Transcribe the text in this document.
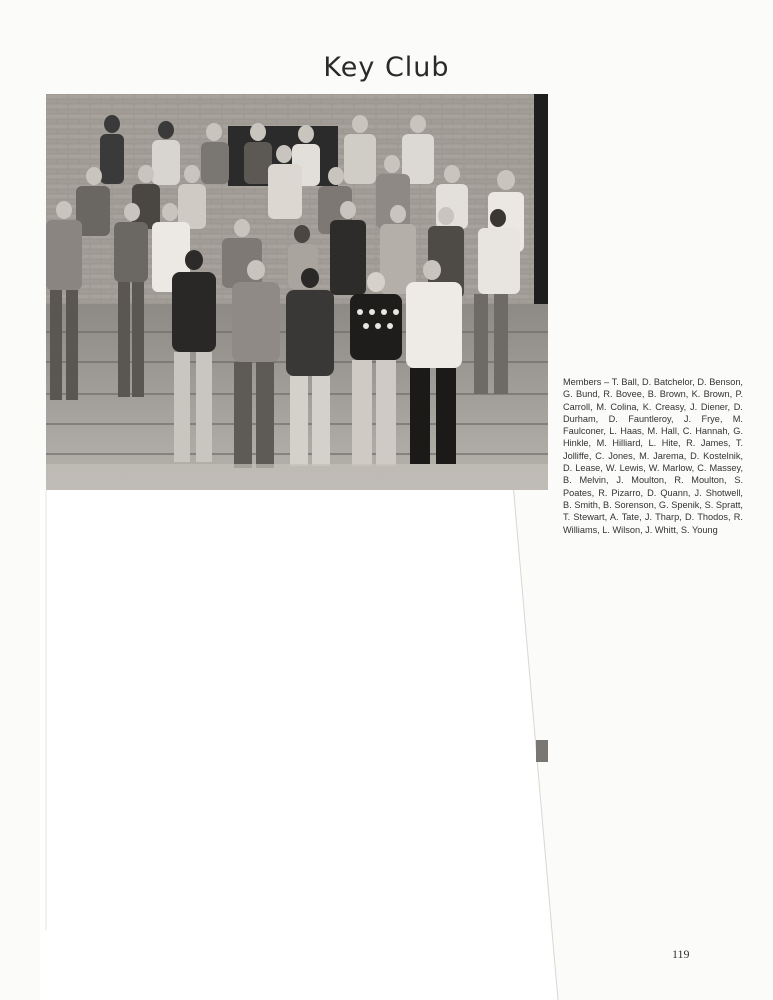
Key Club

Members – T. Ball, D. Batchelor, D. Benson, G. Bund, R. Bovee, B. Brown, K. Brown, P. Carroll, M. Colina, K. Creasy, J. Diener, D. Durham, D. Fauntleroy, J. Frye, M. Faulconer, L. Haas, M. Hall, C. Hannah, G. Hinkle, M. Hilliard, L. Hite, R. James, T. Jolliffe, C. Jones, M. Jarema, D. Kostelnik, D. Lease, W. Lewis, W. Marlow, C. Massey, B. Melvin, J. Moulton, R. Moulton, S. Poates, R. Pizarro, D. Quann, J. Shotwell, B. Smith, B. Sorenson, G. Spenik, S. Spratt, T. Stewart, A. Tate, J. Tharp, D. Thodos, R. Williams, L. Wilson, J. Whitt, S. Young

119
